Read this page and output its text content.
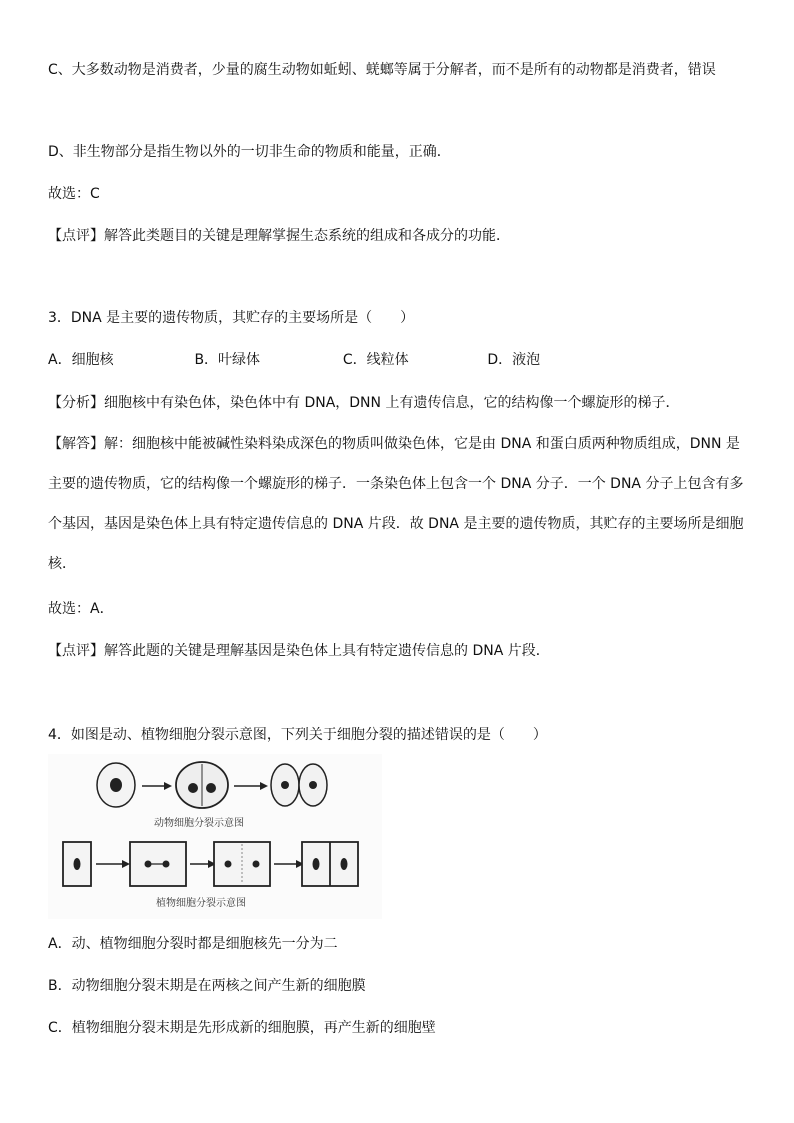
C、大多数动物是消费者，少量的腐生动物如蚯蚓、蜣螂等属于分解者，而不是所有的动物都是消费者，错误
D、非生物部分是指生物以外的一切非生命的物质和能量，正确．
故选：C
【点评】解答此类题目的关键是理解掌握生态系统的组成和各成分的功能．
3．DNA 是主要的遗传物质，其贮存的主要场所是（　　）
A．细胞核	B．叶绿体	C．线粒体	D．液泡
【分析】细胞核中有染色体，染色体中有 DNA，DNN 上有遗传信息，它的结构像一个螺旋形的梯子．
【解答】解：细胞核中能被碱性染料染成深色的物质叫做染色体，它是由 DNA 和蛋白质两种物质组成，DNN 是主要的遗传物质，它的结构像一个螺旋形的梯子．一条染色体上包含一个 DNA 分子．一个 DNA 分子上包含有多个基因，基因是染色体上具有特定遗传信息的 DNA 片段．故 DNA 是主要的遗传物质，其贮存的主要场所是细胞核．
故选：A．
【点评】解答此题的关键是理解基因是染色体上具有特定遗传信息的 DNA 片段．
4．如图是动、植物细胞分裂示意图，下列关于细胞分裂的描述错误的是（　　）
动物细胞分裂示意图
植物细胞分裂示意图
A．动、植物细胞分裂时都是细胞核先一分为二
B．动物细胞分裂末期是在两核之间产生新的细胞膜
C．植物细胞分裂末期是先形成新的细胞膜，再产生新的细胞壁
